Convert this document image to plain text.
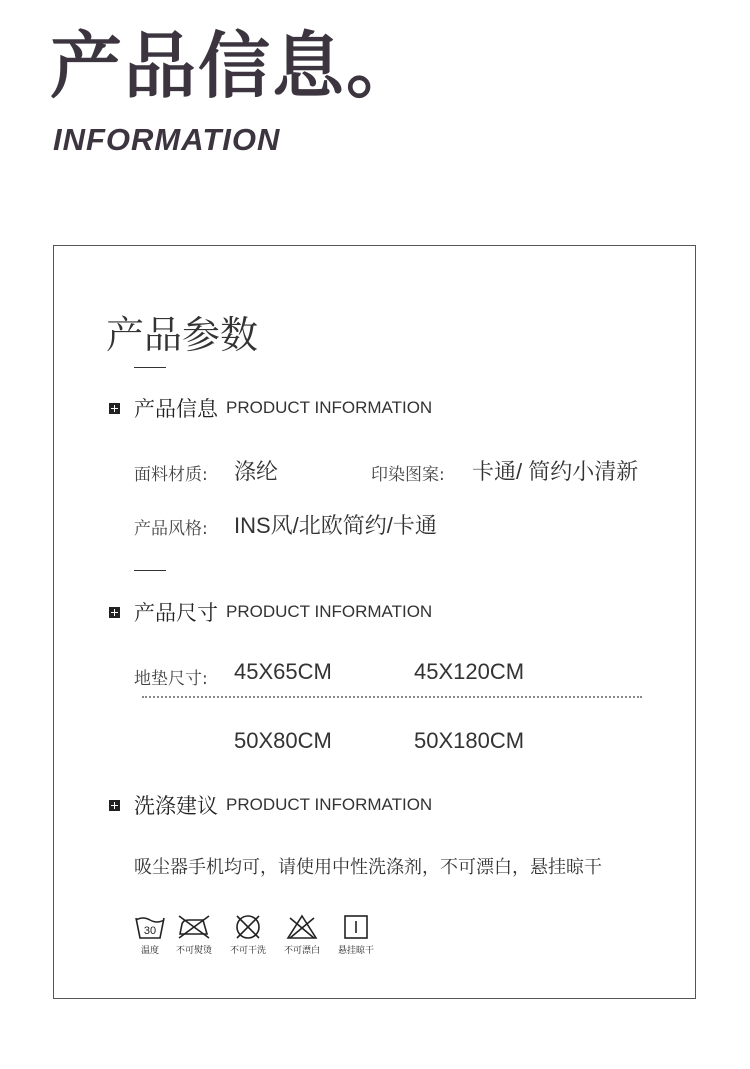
产品信息。
INFORMATION
产品参数
产品信息 PRODUCT INFORMATION
面料材质: 涤纶	印染图案: 卡通/ 简约小清新
产品风格: INS风/北欧简约/卡通
产品尺寸 PRODUCT INFORMATION
地垫尺寸: 45X65CM	45X120CM
50X80CM	50X180CM
洗涤建议 PRODUCT INFORMATION
吸尘器手机均可，请使用中性洗涤剂，不可漂白，悬挂晾干
30
温度	不可熨烫	不可干洗	不可漂白	悬挂晾干
